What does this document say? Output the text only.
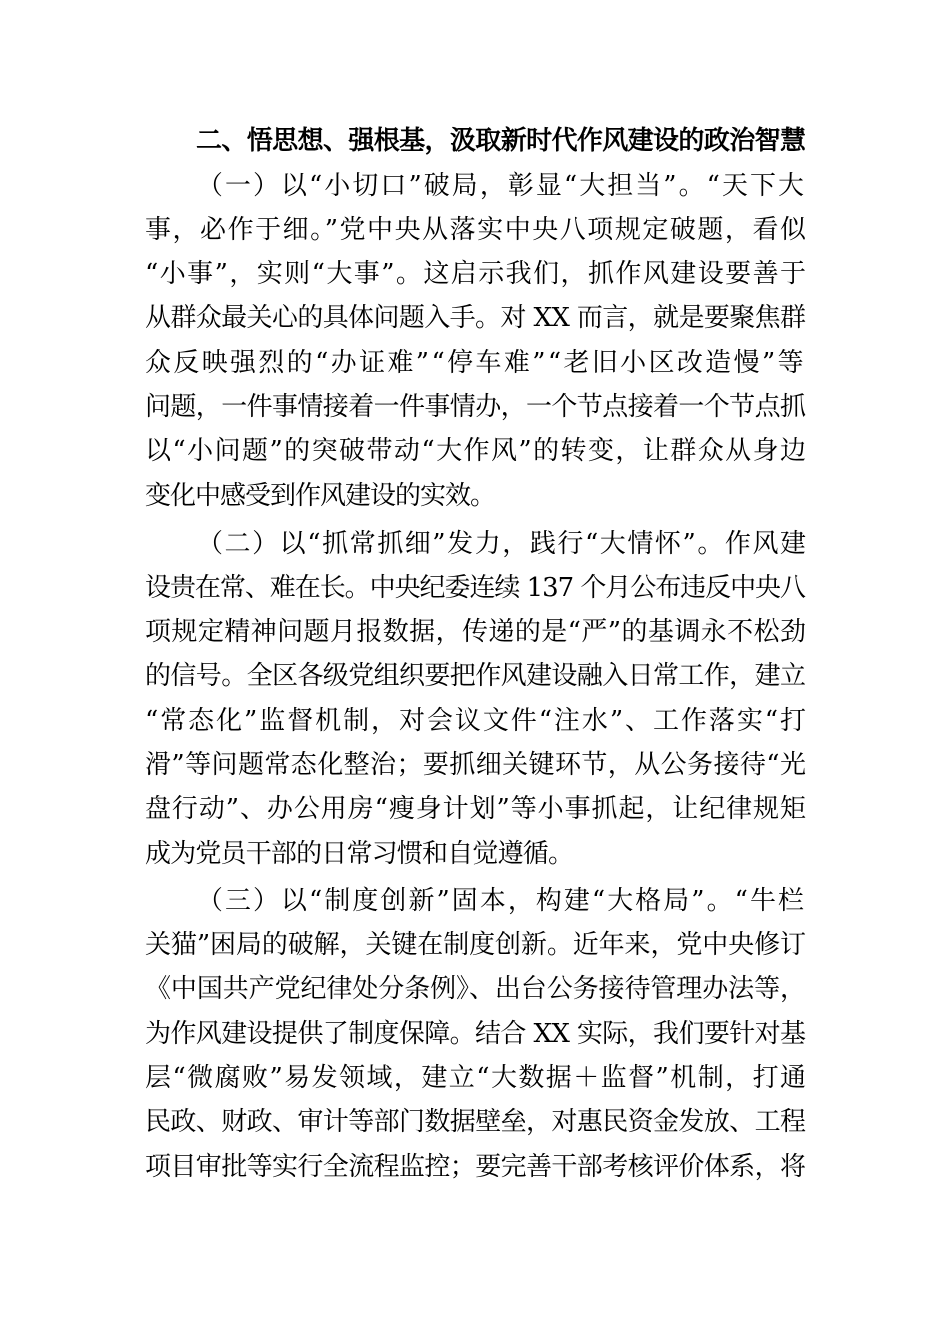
二、悟思想、强根基，汲取新时代作风建设的政治智慧
（一）以“小切口”破局，彰显“大担当”。“天下大
事，必作于细。”党中央从落实中央八项规定破题，看似
“小事”，实则“大事”。这启示我们，抓作风建设要善于
从群众最关心的具体问题入手。对 XX 而言，就是要聚焦群
众反映强烈的“办证难”“停车难”“老旧小区改造慢”等
问题，一件事情接着一件事情办，一个节点接着一个节点抓
以“小问题”的突破带动“大作风”的转变，让群众从身边
变化中感受到作风建设的实效。
（二）以“抓常抓细”发力，践行“大情怀”。作风建
设贵在常、难在长。中央纪委连续 137 个月公布违反中央八
项规定精神问题月报数据，传递的是“严”的基调永不松劲
的信号。全区各级党组织要把作风建设融入日常工作，建立
“常态化”监督机制，对会议文件“注水”、工作落实“打
滑”等问题常态化整治；要抓细关键环节，从公务接待“光
盘行动”、办公用房“瘦身计划”等小事抓起，让纪律规矩
成为党员干部的日常习惯和自觉遵循。
（三）以“制度创新”固本，构建“大格局”。“牛栏
关猫”困局的破解，关键在制度创新。近年来，党中央修订
《中国共产党纪律处分条例》、出台公务接待管理办法等，
为作风建设提供了制度保障。结合 XX 实际，我们要针对基
层“微腐败”易发领域，建立“大数据＋监督”机制，打通
民政、财政、审计等部门数据壁垒，对惠民资金发放、工程
项目审批等实行全流程监控；要完善干部考核评价体系，将
